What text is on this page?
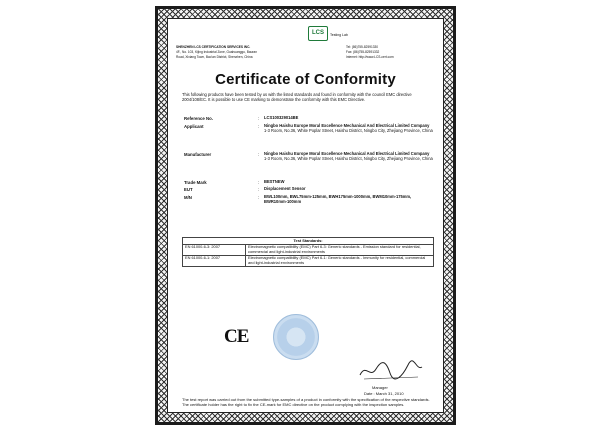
LCS	Testing Lab
SHENZHEN LCS CERTIFICATION SERVICES INC.
4F., No. 103, Kijing Industrial Zone, Guahuanggu, Bauran
Road, Xixiang Town, Bao'an District, Shenzhen, China
Tel: (86)755-82591330
Fax: (86)755-82591332
Internet: http://www.LCS-cert.com
Certificate of Conformity
This following products have been tested by us with the listed standards and found in conformity with the council EMC directive 2004/108/EC. It is possible to use CE marking to demonstrate the conformity with this EMC Directive.
Reference No.	: LCS100329014BE
Applicant	: Ningbo Haishu Europe Moral Excellence Mechanical And Electrical Limited Company
1-3 Room, No.36, White Poplar Street, Haishu District, Ningbo City, Zhejiang Province, China
Manufacturer	: Ningbo Haishu Europe Moral Excellence Mechanical And Electrical Limited Company
1-3 Room, No.36, White Poplar Street, Haishu District, Ningbo City, Zhejiang Province, China
Trade Mark	: BESTNEW
EUT	: Displacement Sensor
M/N	: BWL100mm, BWL75mm-125mm, BWH175mm-1000mm, BWM10mm-175mm, BWR10mm-100mm
Test Standards:	
EN 61000-6-3: 2007	Electromagnetic compatibility (EMC) Part 6-3: Generic standards - Emission standard for residential, commercial and light-industrial environments
EN 61000-6-1: 2007	Electromagnetic compatibility (EMC) Part 6-1: Generic standards - Immunity for residential, commercial and light-industrial environments
CE
Manager
Date : March 31, 2010
The test report was carried out from the submitted type-samples of a product in conformity with the specification of the respective standards. The certificate holder has the right to fix the CE-mark for EMC directive on the product complying with the inspection samples.
